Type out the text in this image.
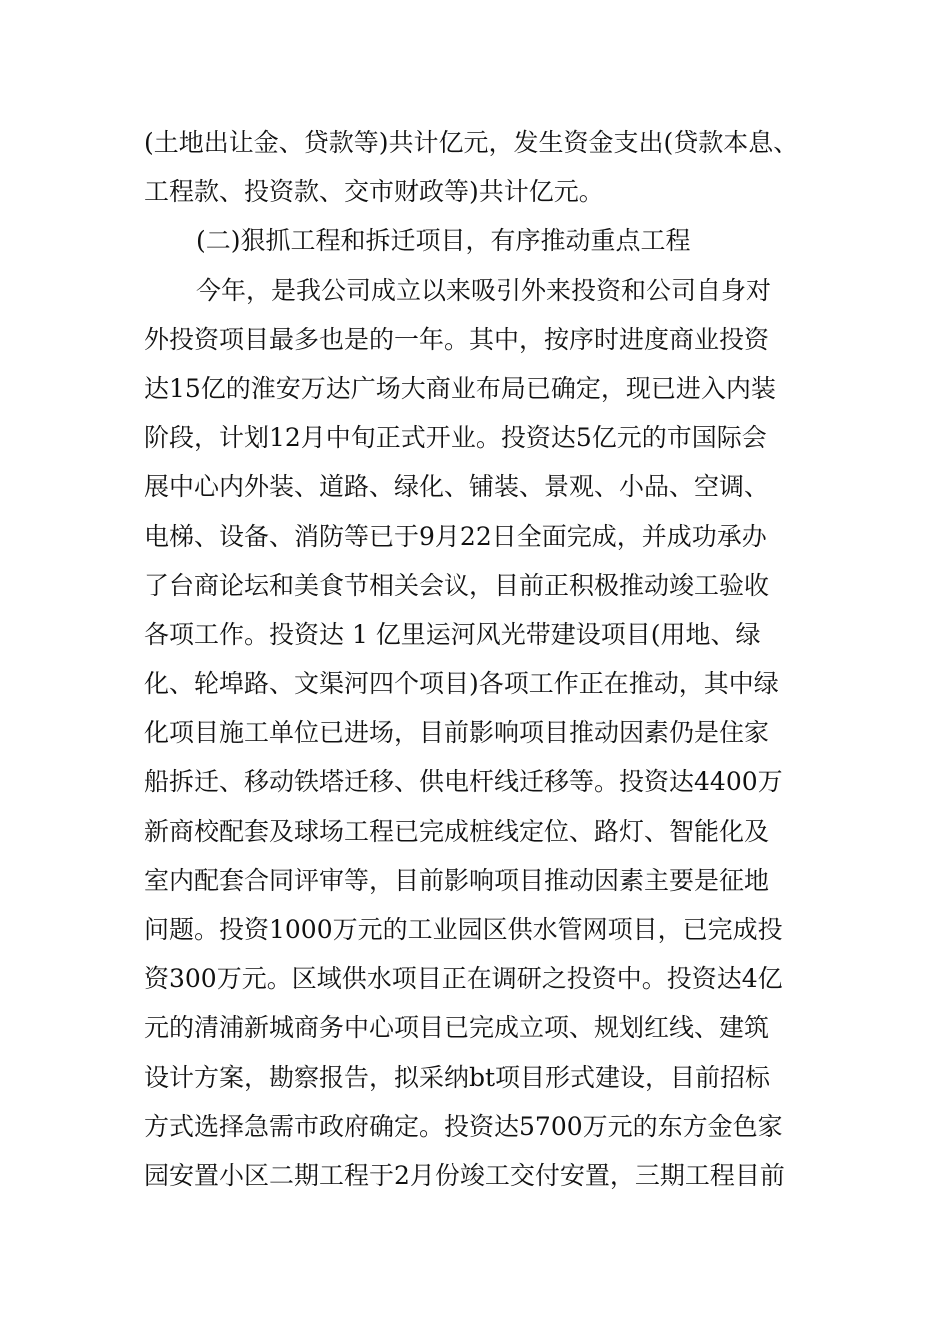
(土地出让金、贷款等)共计亿元，发生资金支出(贷款本息、
工程款、投资款、交市财政等)共计亿元。
(二)狠抓工程和拆迁项目，有序推动重点工程
今年，是我公司成立以来吸引外来投资和公司自身对
外投资项目最多也是的一年。其中，按序时进度商业投资
达15亿的淮安万达广场大商业布局已确定，现已进入内装
阶段，计划12月中旬正式开业。投资达5亿元的市国际会
展中心内外装、道路、绿化、铺装、景观、小品、空调、
电梯、设备、消防等已于9月22日全面完成，并成功承办
了台商论坛和美食节相关会议，目前正积极推动竣工验收
各项工作。投资达 1 亿里运河风光带建设项目(用地、绿
化、轮埠路、文渠河四个项目)各项工作正在推动，其中绿
化项目施工单位已进场，目前影响项目推动因素仍是住家
船拆迁、移动铁塔迁移、供电杆线迁移等。投资达4400万
新商校配套及球场工程已完成桩线定位、路灯、智能化及
室内配套合同评审等，目前影响项目推动因素主要是征地
问题。投资1000万元的工业园区供水管网项目，已完成投
资300万元。区域供水项目正在调研之投资中。投资达4亿
元的清浦新城商务中心项目已完成立项、规划红线、建筑
设计方案，勘察报告，拟采纳bt项目形式建设，目前招标
方式选择急需市政府确定。投资达5700万元的东方金色家
园安置小区二期工程于2月份竣工交付安置，三期工程目前
